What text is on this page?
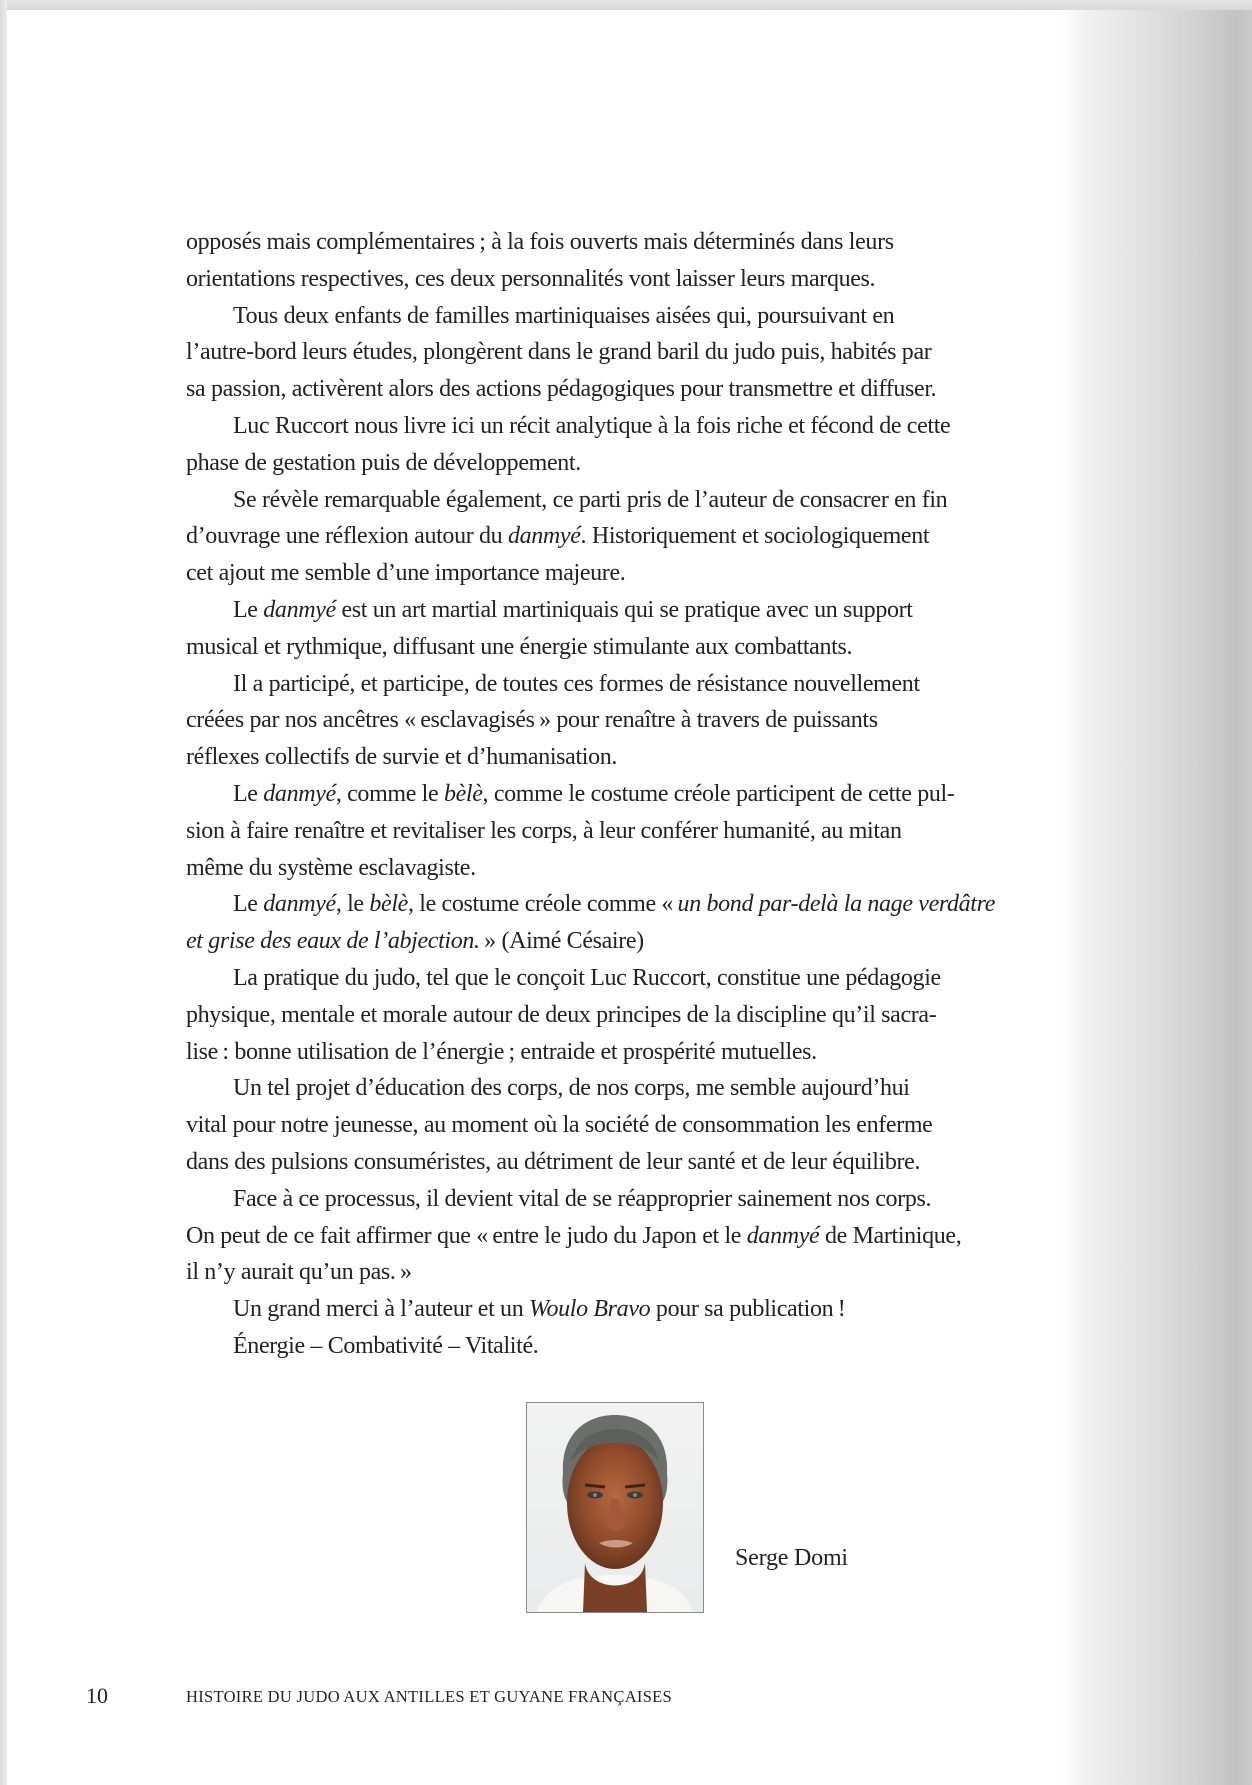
opposés mais complémentaires ; à la fois ouverts mais déterminés dans leurs
orientations respectives, ces deux personnalités vont laisser leurs marques.
Tous deux enfants de familles martiniquaises aisées qui, poursuivant en
l’autre-bord leurs études, plongèrent dans le grand baril du judo puis, habités par
sa passion, activèrent alors des actions pédagogiques pour transmettre et diffuser.
Luc Ruccort nous livre ici un récit analytique à la fois riche et fécond de cette
phase de gestation puis de développement.
Se révèle remarquable également, ce parti pris de l’auteur de consacrer en fin
d’ouvrage une réflexion autour du danmyé. Historiquement et sociologiquement
cet ajout me semble d’une importance majeure.
Le danmyé est un art martial martiniquais qui se pratique avec un support
musical et rythmique, diffusant une énergie stimulante aux combattants.
Il a participé, et participe, de toutes ces formes de résistance nouvellement
créées par nos ancêtres « esclavagisés » pour renaître à travers de puissants
réflexes collectifs de survie et d’humanisation.
Le danmyé, comme le bèlè, comme le costume créole participent de cette pul-
sion à faire renaître et revitaliser les corps, à leur conférer humanité, au mitan
même du système esclavagiste.
Le danmyé, le bèlè, le costume créole comme « un bond par-delà la nage verdâtre
et grise des eaux de l’abjection. » (Aimé Césaire)
La pratique du judo, tel que le conçoit Luc Ruccort, constitue une pédagogie
physique, mentale et morale autour de deux principes de la discipline qu’il sacra-
lise : bonne utilisation de l’énergie ; entraide et prospérité mutuelles.
Un tel projet d’éducation des corps, de nos corps, me semble aujourd’hui
vital pour notre jeunesse, au moment où la société de consommation les enferme
dans des pulsions consuméristes, au détriment de leur santé et de leur équilibre.
Face à ce processus, il devient vital de se réapproprier sainement nos corps.
On peut de ce fait affirmer que « entre le judo du Japon et le danmyé de Martinique,
il n’y aurait qu’un pas. »
Un grand merci à l’auteur et un Woulo Bravo pour sa publication !
Énergie – Combativité – Vitalité.
Serge Domi
10	HISTOIRE DU JUDO AUX ANTILLES ET GUYANE FRANÇAISES
